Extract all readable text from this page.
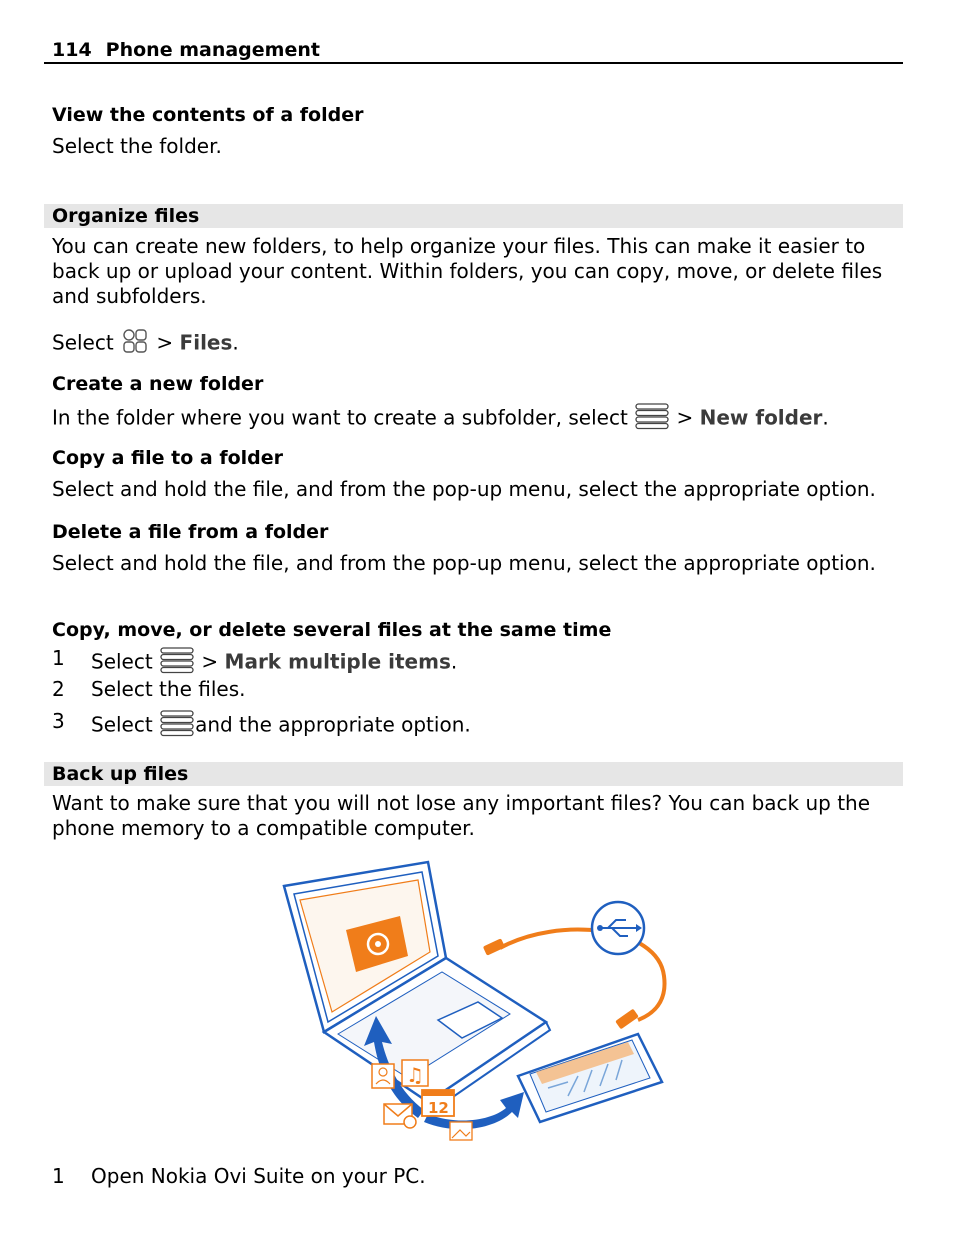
114 Phone management
View the contents of a folder
Select the folder.
Organize files
You can create new folders, to help organize your files. This can make it easier to back up or upload your content. Within folders, you can copy, move, or delete files and subfolders.
Select > Files.
Create a new folder
In the folder where you want to create a subfolder, select > New folder.
Copy a file to a folder
Select and hold the file, and from the pop-up menu, select the appropriate option.
Delete a file from a folder
Select and hold the file, and from the pop-up menu, select the appropriate option.
Copy, move, or delete several files at the same time
1 Select > Mark multiple items.
2 Select the files.
3 Select and the appropriate option.
Back up files
Want to make sure that you will not lose any important files? You can back up the phone memory to a compatible computer.
♫
12
1 Open Nokia Ovi Suite on your PC.
